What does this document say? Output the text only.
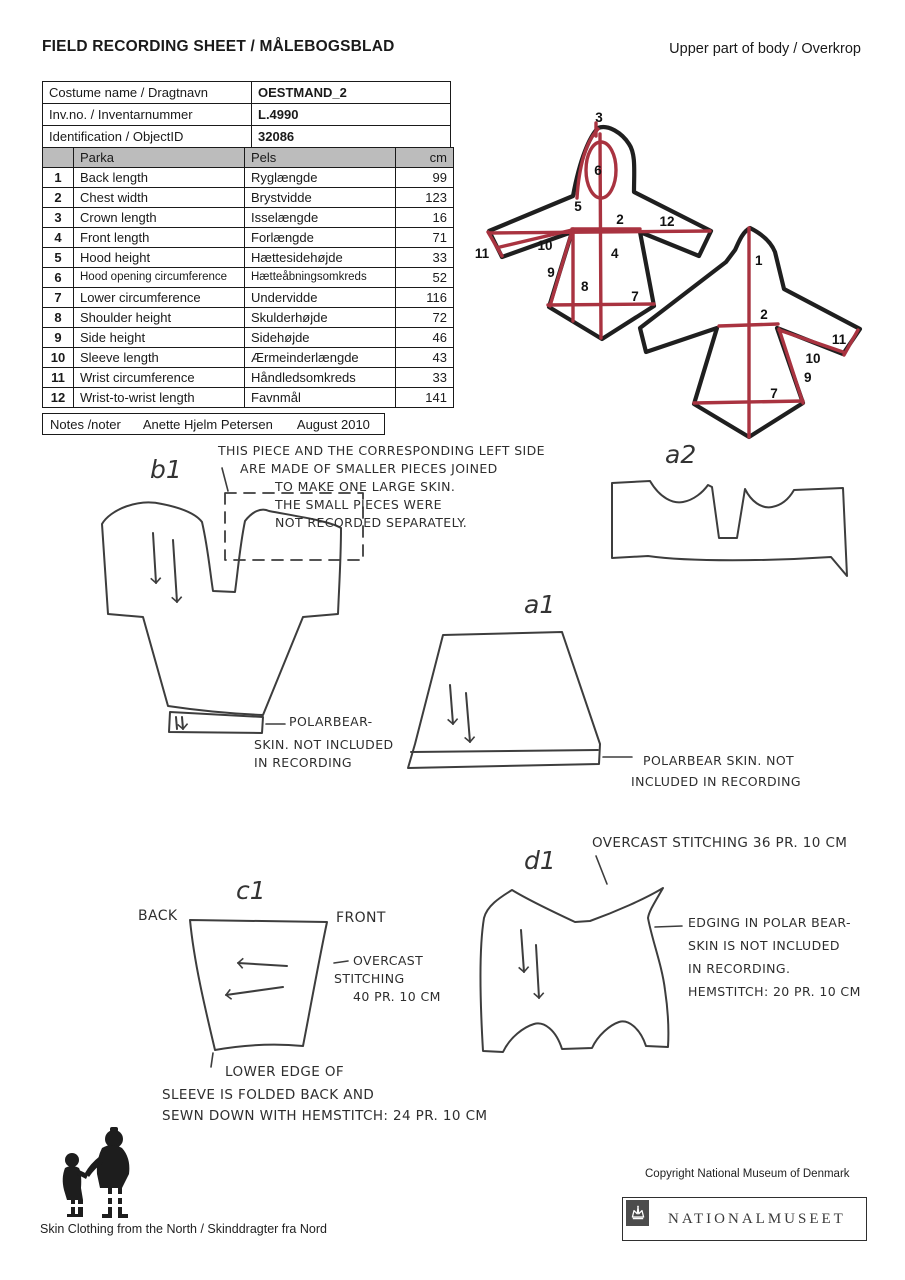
FIELD RECORDING SHEET / MÅLEBOGSBLAD	Upper part of body / Overkrop
Costume name / Dragtnavn	OESTMAND_2
Inv.no. / Inventarnummer	L.4990
Identification / ObjectID	32086
	Parka	Pels	cm
1	Back length	Ryglængde	99
2	Chest width	Brystvidde	123
3	Crown length	Isselængde	16
4	Front length	Forlængde	71
5	Hood height	Hættesidehøjde	33
6	Hood opening circumference	Hætteåbningsomkreds	52
7	Lower circumference	Undervidde	116
8	Shoulder height	Skulderhøjde	72
9	Side height	Sidehøjde	46
10	Sleeve length	Ærmeinderlængde	43
11	Wrist circumference	Håndledsomkreds	33
12	Wrist-to-wrist length	Favnmål	141
Notes /noter Anette Hjelm Petersen August 2010
3
6
5
2	12
4
10
11
9
8
7
1
2
10
11
9
7
b1
THIS PIECE AND THE CORRESPONDING LEFT SIDE
ARE MADE OF SMALLER PIECES JOINED
TO MAKE ONE LARGE SKIN.
THE SMALL PIECES WERE
NOT RECORDED SEPARATELY.
a2
a1
POLARBEAR-
SKIN. NOT INCLUDED
IN RECORDING	POLARBEAR SKIN. NOT
INCLUDED IN RECORDING
c1
BACK	FRONT
OVERCAST
STITCHING
40 PR. 10 CM
LOWER EDGE OF
SLEEVE IS FOLDED BACK AND
SEWN DOWN WITH HEMSTITCH: 24 PR. 10 CM
d1
OVERCAST STITCHING 36 PR. 10 CM
EDGING IN POLAR BEAR-
SKIN IS NOT INCLUDED
IN RECORDING.
HEMSTITCH: 20 PR. 10 CM
Skin Clothing from the North / Skinddragter fra Nord
Copyright National Museum of Denmark
NATIONALMUSEET
